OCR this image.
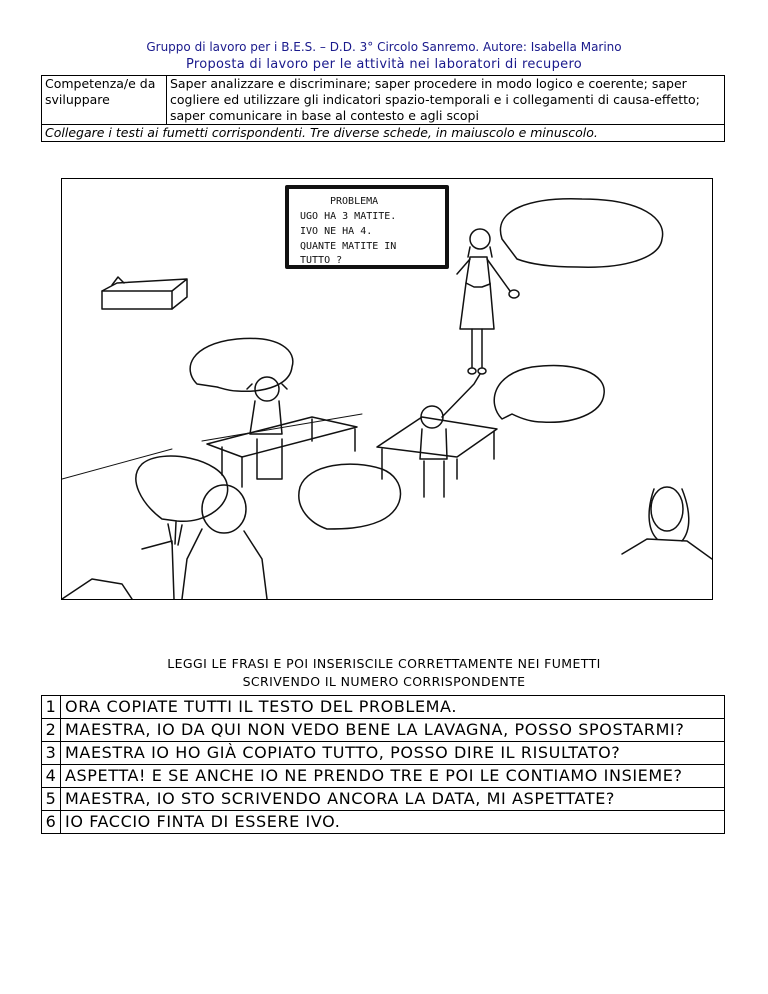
Gruppo di lavoro per i B.E.S. – D.D. 3° Circolo Sanremo. Autore: Isabella Marino
Proposta di lavoro per le attività nei laboratori di recupero
Competenza/e da sviluppare	Saper analizzare e discriminare; saper procedere in modo logico e coerente; saper cogliere ed utilizzare gli indicatori spazio-temporali e i collegamenti di causa-effetto; saper comunicare in base al contesto e agli scopi
Collegare i testi ai fumetti corrispondenti. Tre diverse schede, in maiuscolo e minuscolo.
PROBLEMA
UGO HA 3 MATITE.
IVO NE HA 4.
QUANTE MATITE IN
TUTTO ?
LEGGI LE FRASI E POI INSERISCILE CORRETTAMENTE NEI FUMETTI
SCRIVENDO IL NUMERO CORRISPONDENTE
1	ORA COPIATE TUTTI IL TESTO DEL PROBLEMA.
2	MAESTRA, IO DA QUI NON VEDO BENE LA LAVAGNA, POSSO SPOSTARMI?
3	MAESTRA IO HO GIÀ COPIATO TUTTO, POSSO DIRE IL RISULTATO?
4	ASPETTA! E SE ANCHE IO NE PRENDO TRE E POI LE CONTIAMO INSIEME?
5	MAESTRA, IO STO SCRIVENDO ANCORA LA DATA, MI ASPETTATE?
6	IO FACCIO FINTA DI ESSERE IVO.
